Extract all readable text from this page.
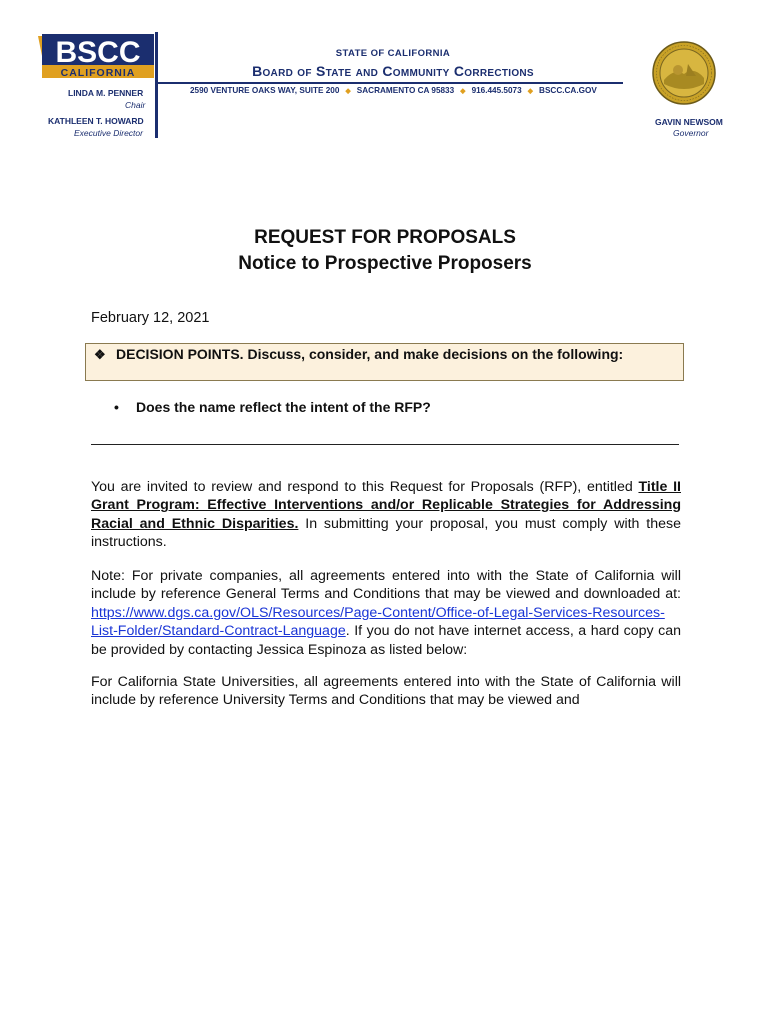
BSCC
CALIFORNIA
STATE OF CALIFORNIA
Board of State and Community Corrections
2590 VENTURE OAKS WAY, SUITE 200 ◆ SACRAMENTO CA 95833 ◆ 916.445.5073 ◆ BSCC.CA.GOV
LINDA M. PENNER
Chair
KATHLEEN T. HOWARD
Executive Director
GAVIN NEWSOM
Governor
REQUEST FOR PROPOSALS
Notice to Prospective Proposers
February 12, 2021
❖ DECISION POINTS. Discuss, consider, and make decisions on the following:
• Does the name reflect the intent of the RFP?
You are invited to review and respond to this Request for Proposals (RFP), entitled Title II Grant Program: Effective Interventions and/or Replicable Strategies for Addressing Racial and Ethnic Disparities. In submitting your proposal, you must comply with these instructions.
Note: For private companies, all agreements entered into with the State of California will include by reference General Terms and Conditions that may be viewed and downloaded at: https://www.dgs.ca.gov/OLS/Resources/Page-Content/Office-of-Legal-Services-Resources-List-Folder/Standard-Contract-Language. If you do not have internet access, a hard copy can be provided by contacting Jessica Espinoza as listed below:
For California State Universities, all agreements entered into with the State of California will include by reference University Terms and Conditions that may be viewed and
